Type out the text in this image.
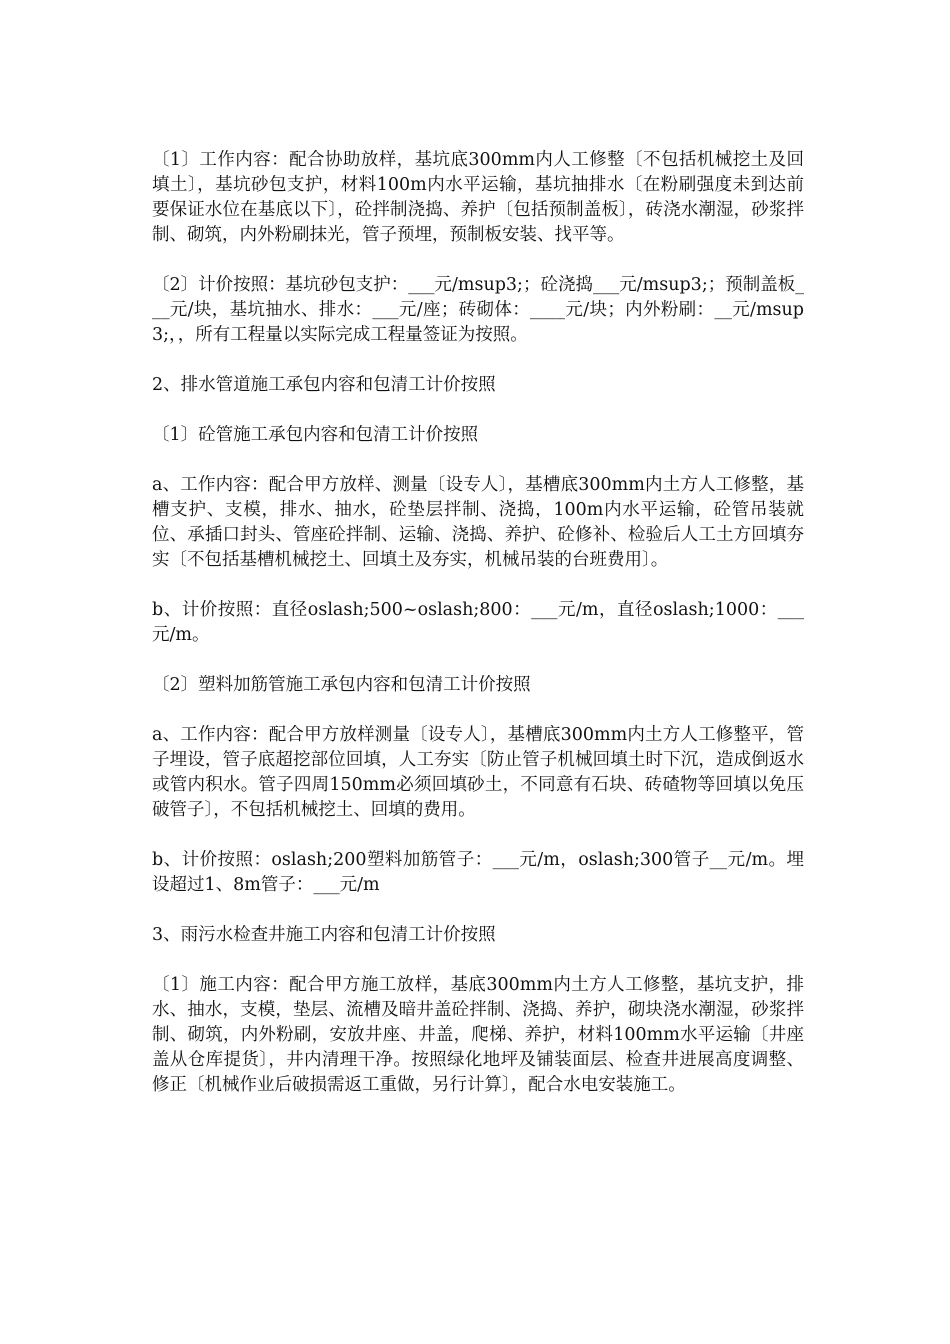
〔1〕工作内容：配合协助放样，基坑底300mm内人工修整〔不包括机械挖土及回填土〕，基坑砂包支护，材料100m内水平运输，基坑抽排水〔在粉刷强度未到达前要保证水位在基底以下〕，砼拌制浇捣、养护〔包括预制盖板〕，砖浇水潮湿，砂浆拌制、砌筑，内外粉刷抹光，管子预埋，预制板安装、找平等。

〔2〕计价按照：基坑砂包支护：___元/msup3;；砼浇捣___元/msup3;；预制盖板___元/块，基坑抽水、排水：___元/座；砖砌体：____元/块；内外粉刷：__元/msup3;，，所有工程量以实际完成工程量签证为按照。

2、排水管道施工承包内容和包清工计价按照

〔1〕砼管施工承包内容和包清工计价按照

a、工作内容：配合甲方放样、测量〔设专人〕，基槽底300mm内土方人工修整，基槽支护、支模，排水、抽水，砼垫层拌制、浇捣，100m内水平运输，砼管吊装就位、承插口封头、管座砼拌制、运输、浇捣、养护、砼修补、检验后人工土方回填夯实〔不包括基槽机械挖土、回填土及夯实，机械吊装的台班费用〕。

b、计价按照：直径oslash;500~oslash;800：___元/m，直径oslash;1000：___元/m。

〔2〕塑料加筋管施工承包内容和包清工计价按照

a、工作内容：配合甲方放样测量〔设专人〕，基槽底300mm内土方人工修整平，管子埋设，管子底超挖部位回填，人工夯实〔防止管子机械回填土时下沉，造成倒返水或管内积水。管子四周150mm必须回填砂土，不同意有石块、砖碴物等回填以免压破管子〕，不包括机械挖土、回填的费用。

b、计价按照：oslash;200塑料加筋管子：___元/m，oslash;300管子__元/m。埋设超过1、8m管子：___元/m

3、雨污水检查井施工内容和包清工计价按照

〔1〕施工内容：配合甲方施工放样，基底300mm内土方人工修整，基坑支护，排水、抽水，支模，垫层、流槽及暗井盖砼拌制、浇捣、养护，砌块浇水潮湿，砂浆拌制、砌筑，内外粉刷，安放井座、井盖，爬梯、养护，材料100mm水平运输〔井座盖从仓库提货〕，井内清理干净。按照绿化地坪及铺装面层、检查井进展高度调整、修正〔机械作业后破损需返工重做，另行计算〕，配合水电安装施工。
